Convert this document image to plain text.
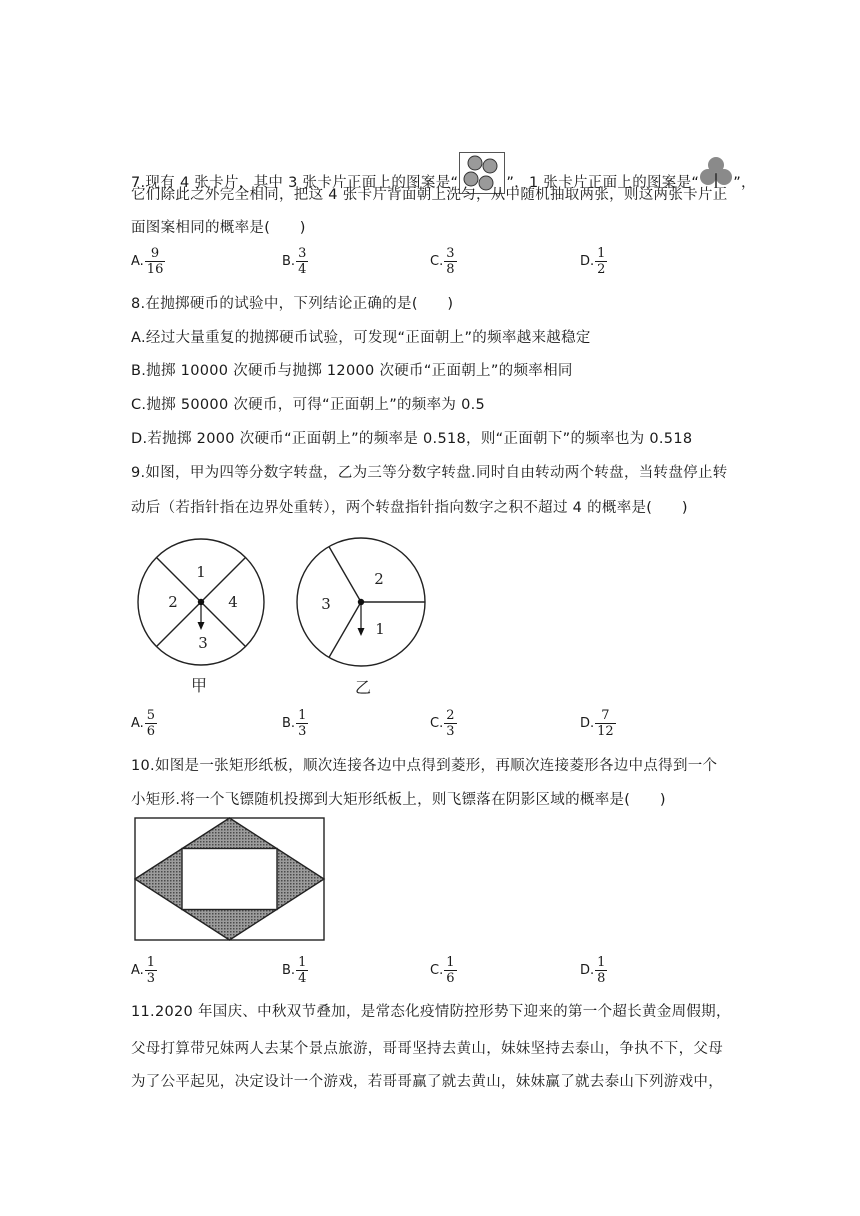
7.现有 4 张卡片，其中 3 张卡片正面上的图案是“	”，1 张卡片正面上的图案是“ ”，
它们除此之外完全相同，把这 4 张卡片背面朝上洗匀，从中随机抽取两张，则这两张卡片正
面图案相同的概率是(　　)
A. $\frac{9}{16}$	B. $\frac{3}{4}$	C. $\frac{3}{8}$	D. $\frac{1}{2}$
8.在抛掷硬币的试验中，下列结论正确的是(　　)
A.经过大量重复的抛掷硬币试验，可发现“正面朝上”的频率越来越稳定
B.抛掷 10000 次硬币与抛掷 12000 次硬币“正面朝上”的频率相同
C.抛掷 50000 次硬币，可得“正面朝上”的频率为 0.5
D.若抛掷 2000 次硬币“正面朝上”的频率是 0.518，则“正面朝下”的频率也为 0.518
9.如图，甲为四等分数字转盘，乙为三等分数字转盘.同时自由转动两个转盘，当转盘停止转
动后（若指针指在边界处重转），两个转盘指针指向数字之积不超过 4 的概率是(　　)
1
2
3
4
甲
2
3
1
乙
A. $\frac{5}{6}$	B. $\frac{1}{3}$	C. $\frac{2}{3}$	D. $\frac{7}{12}$
10.如图是一张矩形纸板，顺次连接各边中点得到菱形，再顺次连接菱形各边中点得到一个
小矩形.将一个飞镖随机投掷到大矩形纸板上，则飞镖落在阴影区域的概率是(　　)
A. $\frac{1}{3}$	B. $\frac{1}{4}$	C. $\frac{1}{6}$	D. $\frac{1}{8}$
11.2020 年国庆、中秋双节叠加，是常态化疫情防控形势下迎来的第一个超长黄金周假期，
父母打算带兄妹两人去某个景点旅游，哥哥坚持去黄山，妹妹坚持去泰山，争执不下，父母
为了公平起见，决定设计一个游戏，若哥哥赢了就去黄山，妹妹赢了就去泰山下列游戏中，
